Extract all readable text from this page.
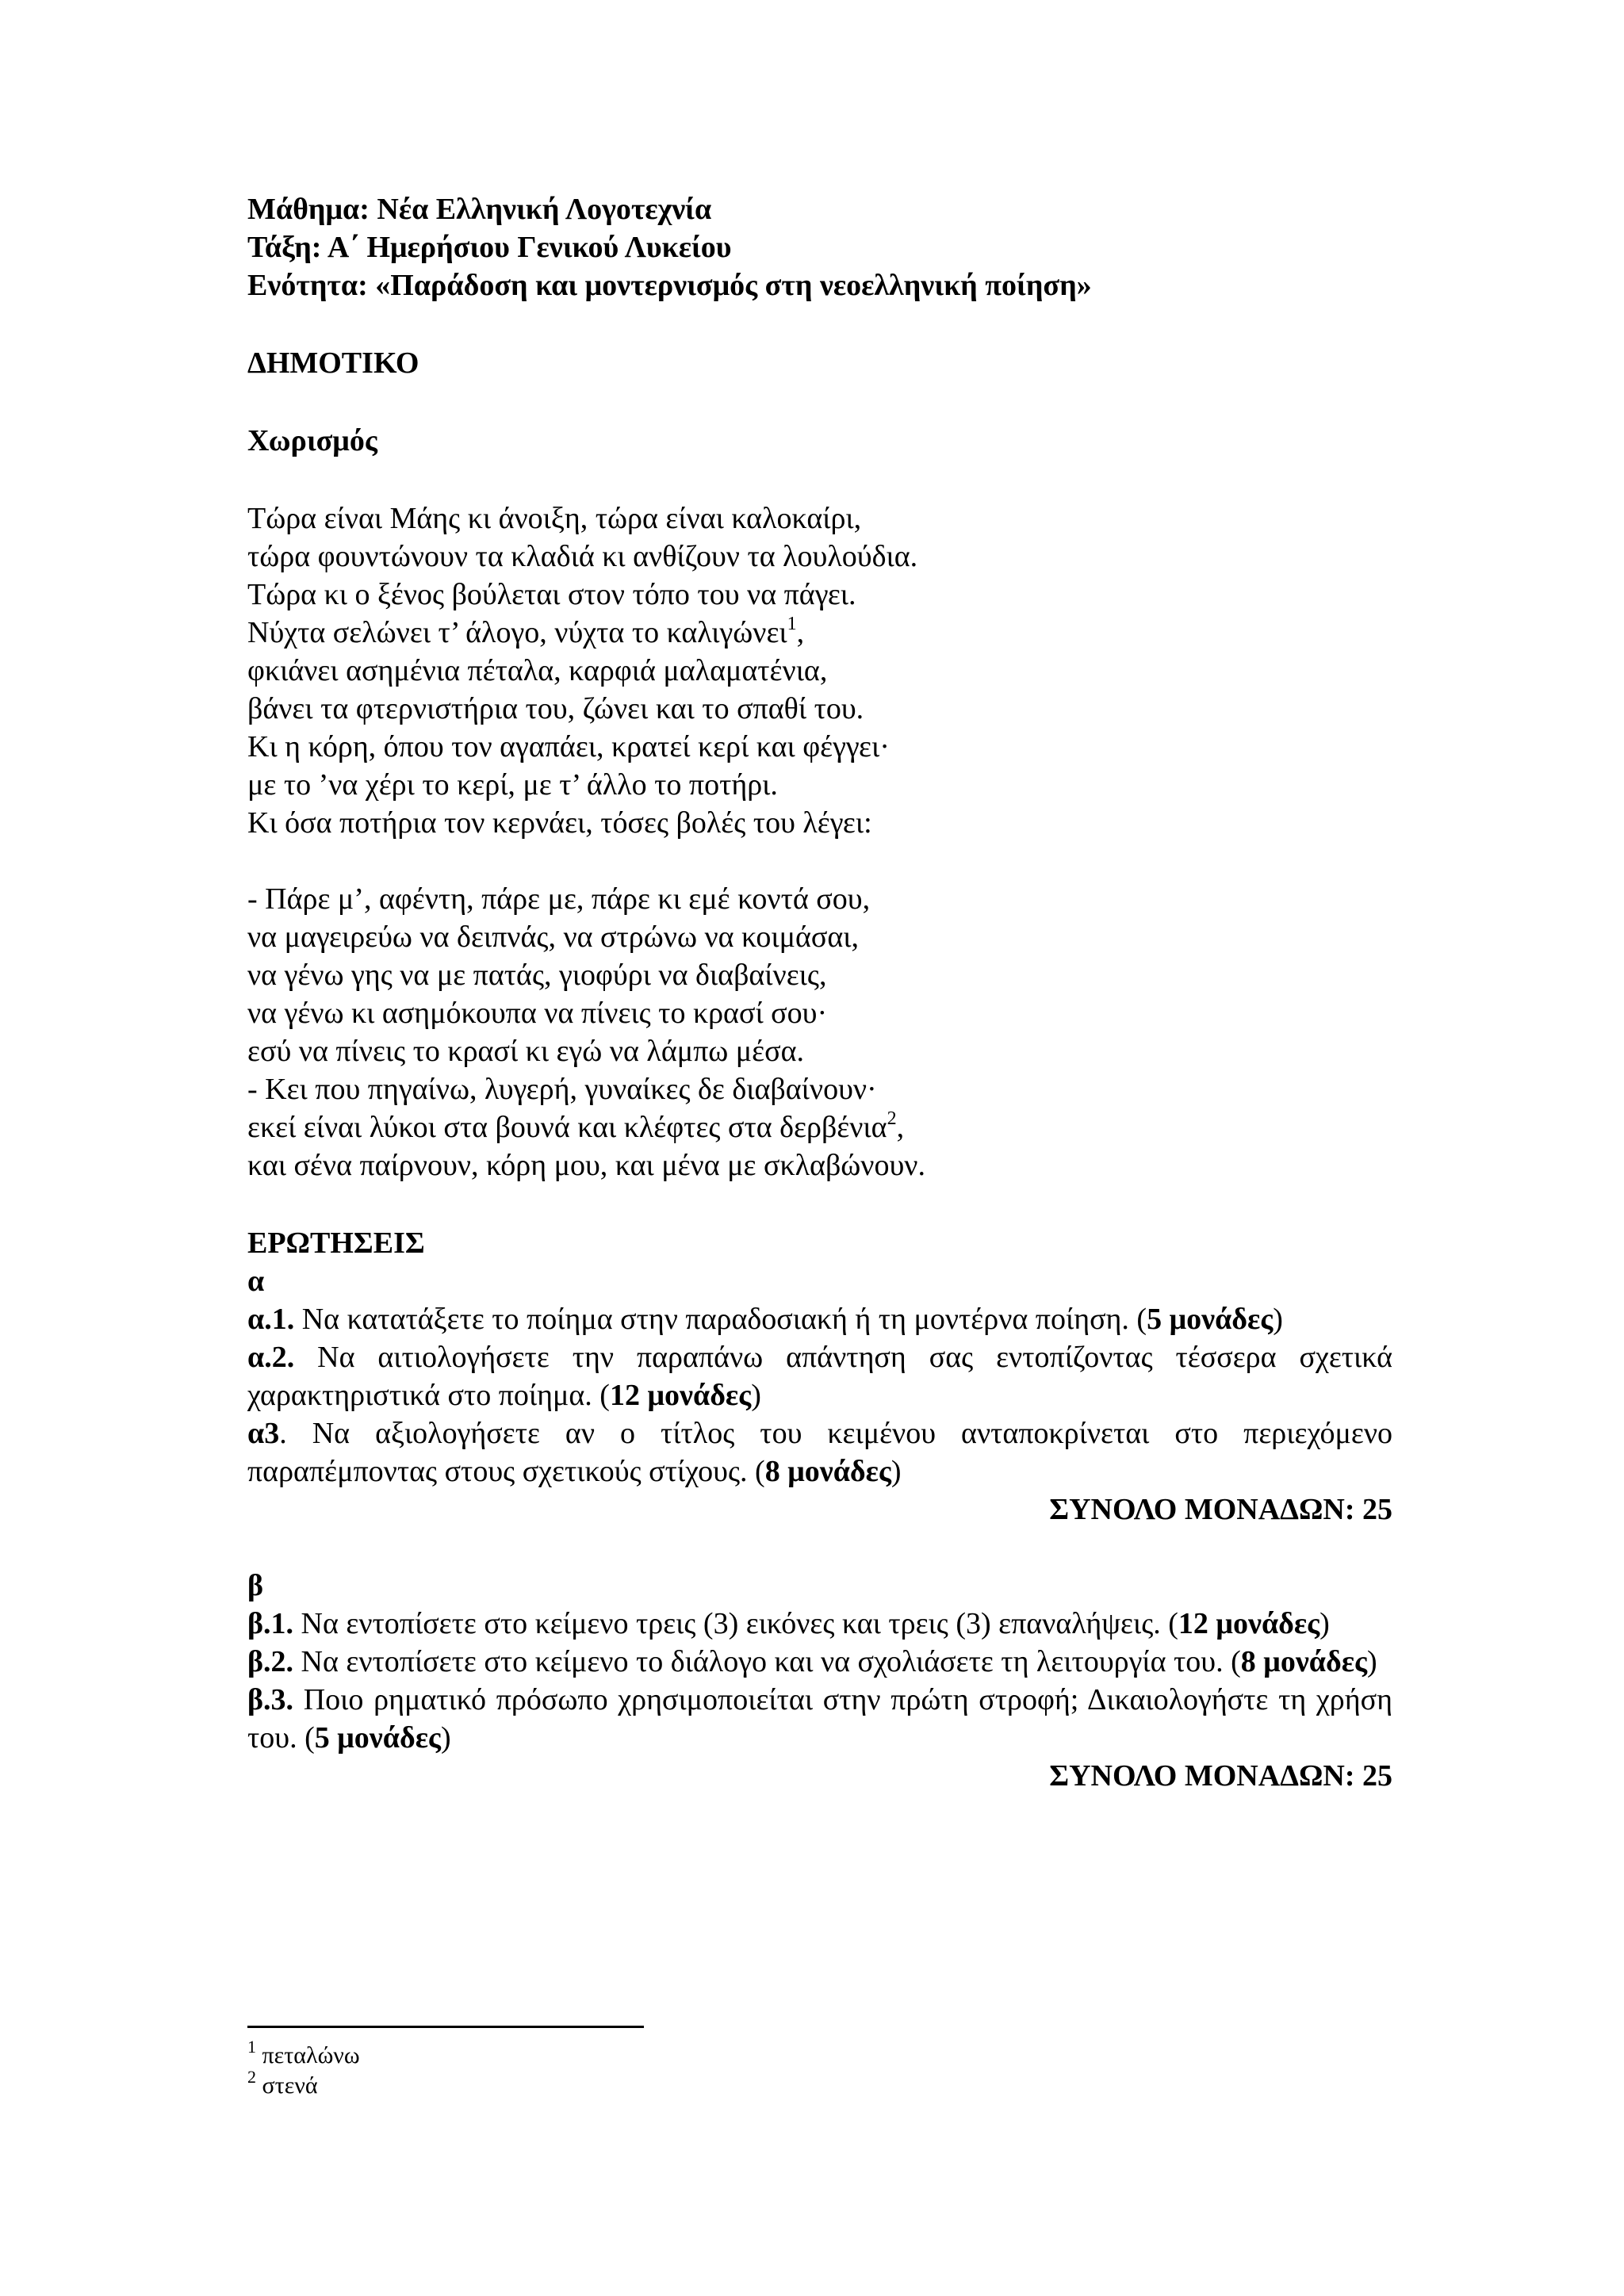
Μάθημα: Νέα Ελληνική Λογοτεχνία
Τάξη: Α΄ Ημερήσιου Γενικού Λυκείου
Ενότητα: «Παράδοση και μοντερνισμός στη νεοελληνική ποίηση»
ΔΗΜΟΤΙΚΟ
Χωρισμός
Τώρα είναι Μάης κι άνοιξη, τώρα είναι καλοκαίρι,
τώρα φουντώνουν τα κλαδιά κι ανθίζουν τα λουλούδια.
Τώρα κι ο ξένος βούλεται στον τόπο του να πάγει.
Νύχτα σελώνει τ’ άλογο, νύχτα το καλιγώνει$^1$,
φκιάνει ασημένια πέταλα, καρφιά μαλαματένια,
βάνει τα φτερνιστήρια του, ζώνει και το σπαθί του.
Κι η κόρη, όπου τον αγαπάει, κρατεί κερί και φέγγει·
με το ’να χέρι το κερί, με τ’ άλλο το ποτήρι.
Κι όσα ποτήρια τον κερνάει, τόσες βολές του λέγει:
- Πάρε μ’, αφέντη, πάρε με, πάρε κι εμέ κοντά σου,
να μαγειρεύω να δειπνάς, να στρώνω να κοιμάσαι,
να γένω γης να με πατάς, γιοφύρι να διαβαίνεις,
να γένω κι ασημόκουπα να πίνεις το κρασί σου·
εσύ να πίνεις το κρασί κι εγώ να λάμπω μέσα.
- Κει που πηγαίνω, λυγερή, γυναίκες δε διαβαίνουν·
εκεί είναι λύκοι στα βουνά και κλέφτες στα δερβένια$^2$,
και σένα παίρνουν, κόρη μου, και μένα με σκλαβώνουν.
ΕΡΩΤΗΣΕΙΣ
α
α.1. Να κατατάξετε το ποίημα στην παραδοσιακή ή τη μοντέρνα ποίηση. (5 μονάδες)
α.2. Να αιτιολογήσετε την παραπάνω απάντηση σας εντοπίζοντας τέσσερα σχετικά χαρακτηριστικά στο ποίημα. (12 μονάδες)
α3. Να αξιολογήσετε αν ο τίτλος του κειμένου ανταποκρίνεται στο περιεχόμενο παραπέμποντας στους σχετικούς στίχους. (8 μονάδες)
ΣΥΝΟΛΟ ΜΟΝΑΔΩΝ: 25
β
β.1. Να εντοπίσετε στο κείμενο τρεις (3) εικόνες και τρεις (3) επαναλήψεις. (12 μονάδες)
β.2. Να εντοπίσετε στο κείμενο το διάλογο και να σχολιάσετε τη λειτουργία του. (8 μονάδες)
β.3. Ποιο ρηματικό πρόσωπο χρησιμοποιείται στην πρώτη στροφή; Δικαιολογήστε τη χρήση του. (5 μονάδες)
ΣΥΝΟΛΟ ΜΟΝΑΔΩΝ: 25
$^1$ πεταλώνω
$^2$ στενά
